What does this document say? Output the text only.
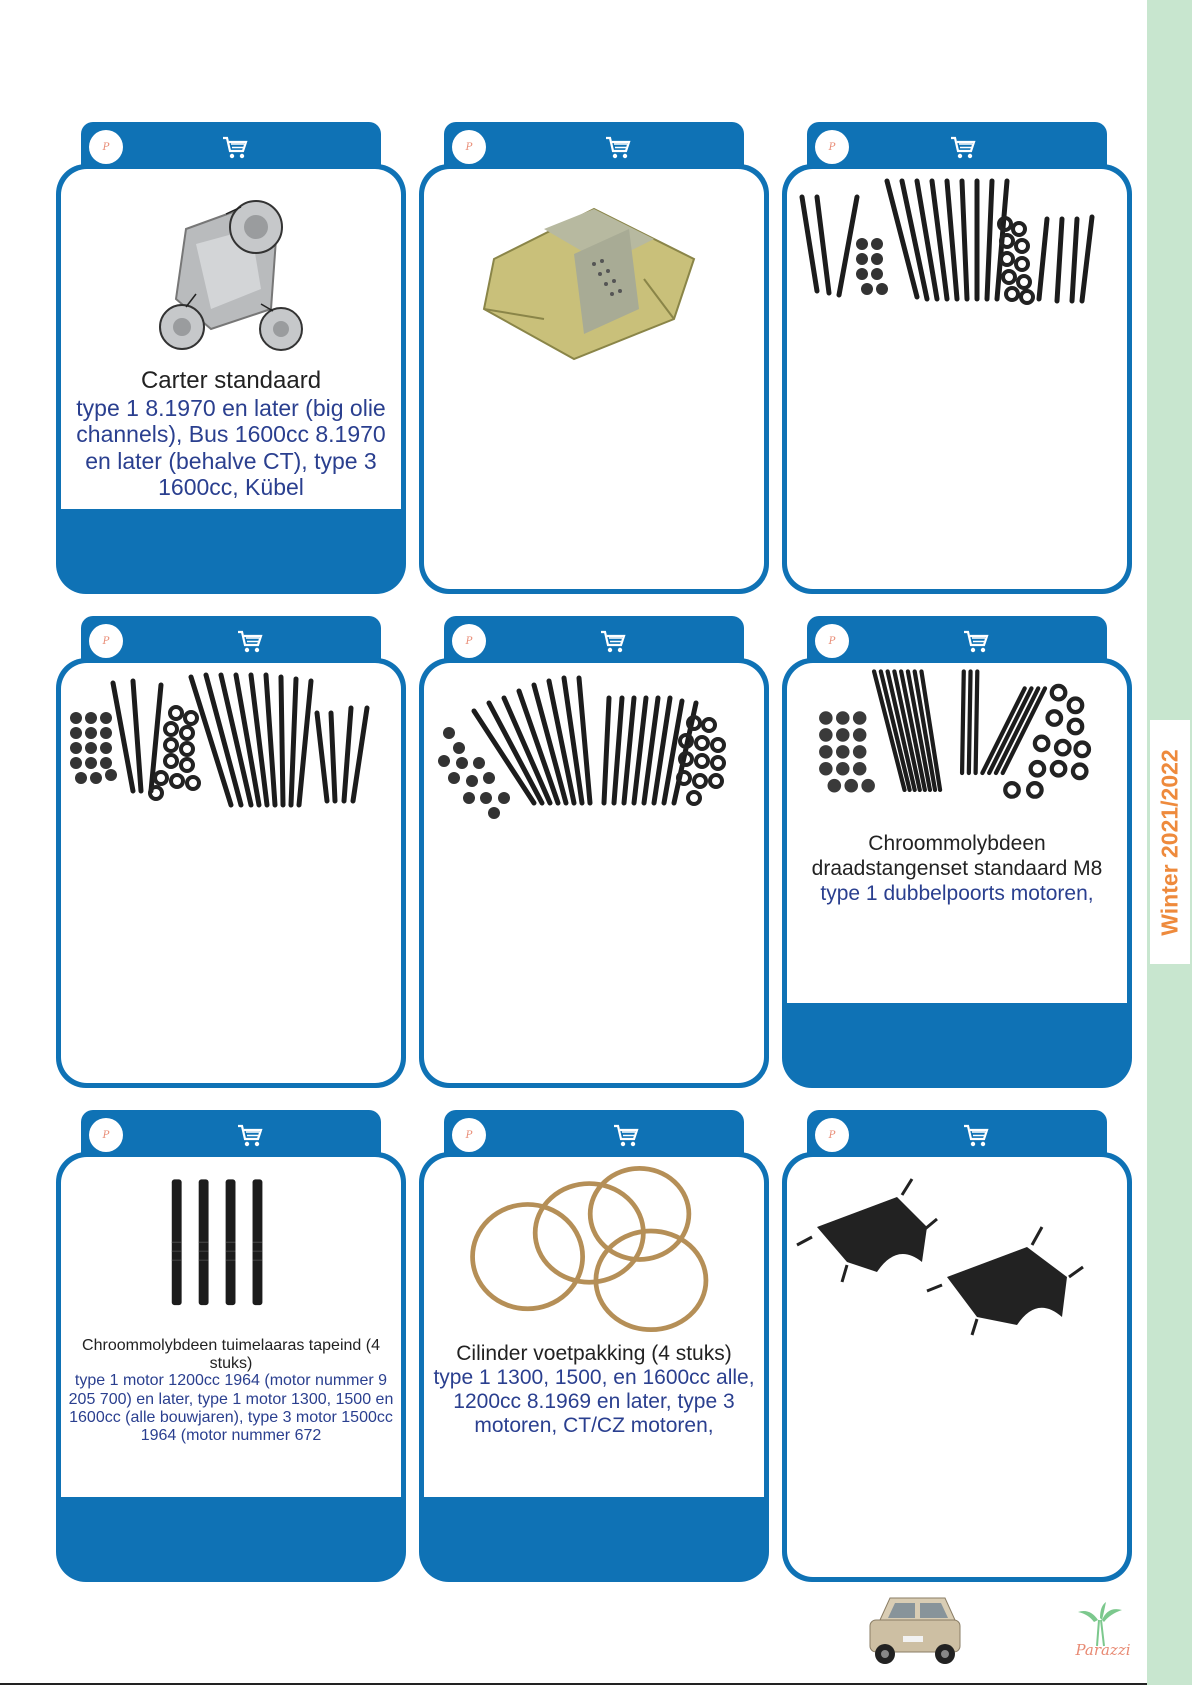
Winter 2021/2022
P
Carter standaard
type 1 8.1970 en later (big olie channels), Bus 1600cc 8.1970 en later (behalve CT), type 3 1600cc, Kübel
P	P
P	P	P
Chroommolybdeen draadstangenset standaard M8
type 1 dubbelpoorts motoren,
P
Chroommolybdeen tuimelaaras tapeind (4 stuks)
type 1 motor 1200cc 1964 (motor nummer 9 205 700) en later, type 1 motor 1300, 1500 en 1600cc (alle bouwjaren), type 3 motor 1500cc 1964 (motor nummer 672
P
Cilinder voetpakking (4 stuks)
type 1 1300, 1500, en 1600cc alle, 1200cc 8.1969 en later, type 3 motoren, CT/CZ motoren,
P
Parazzi
